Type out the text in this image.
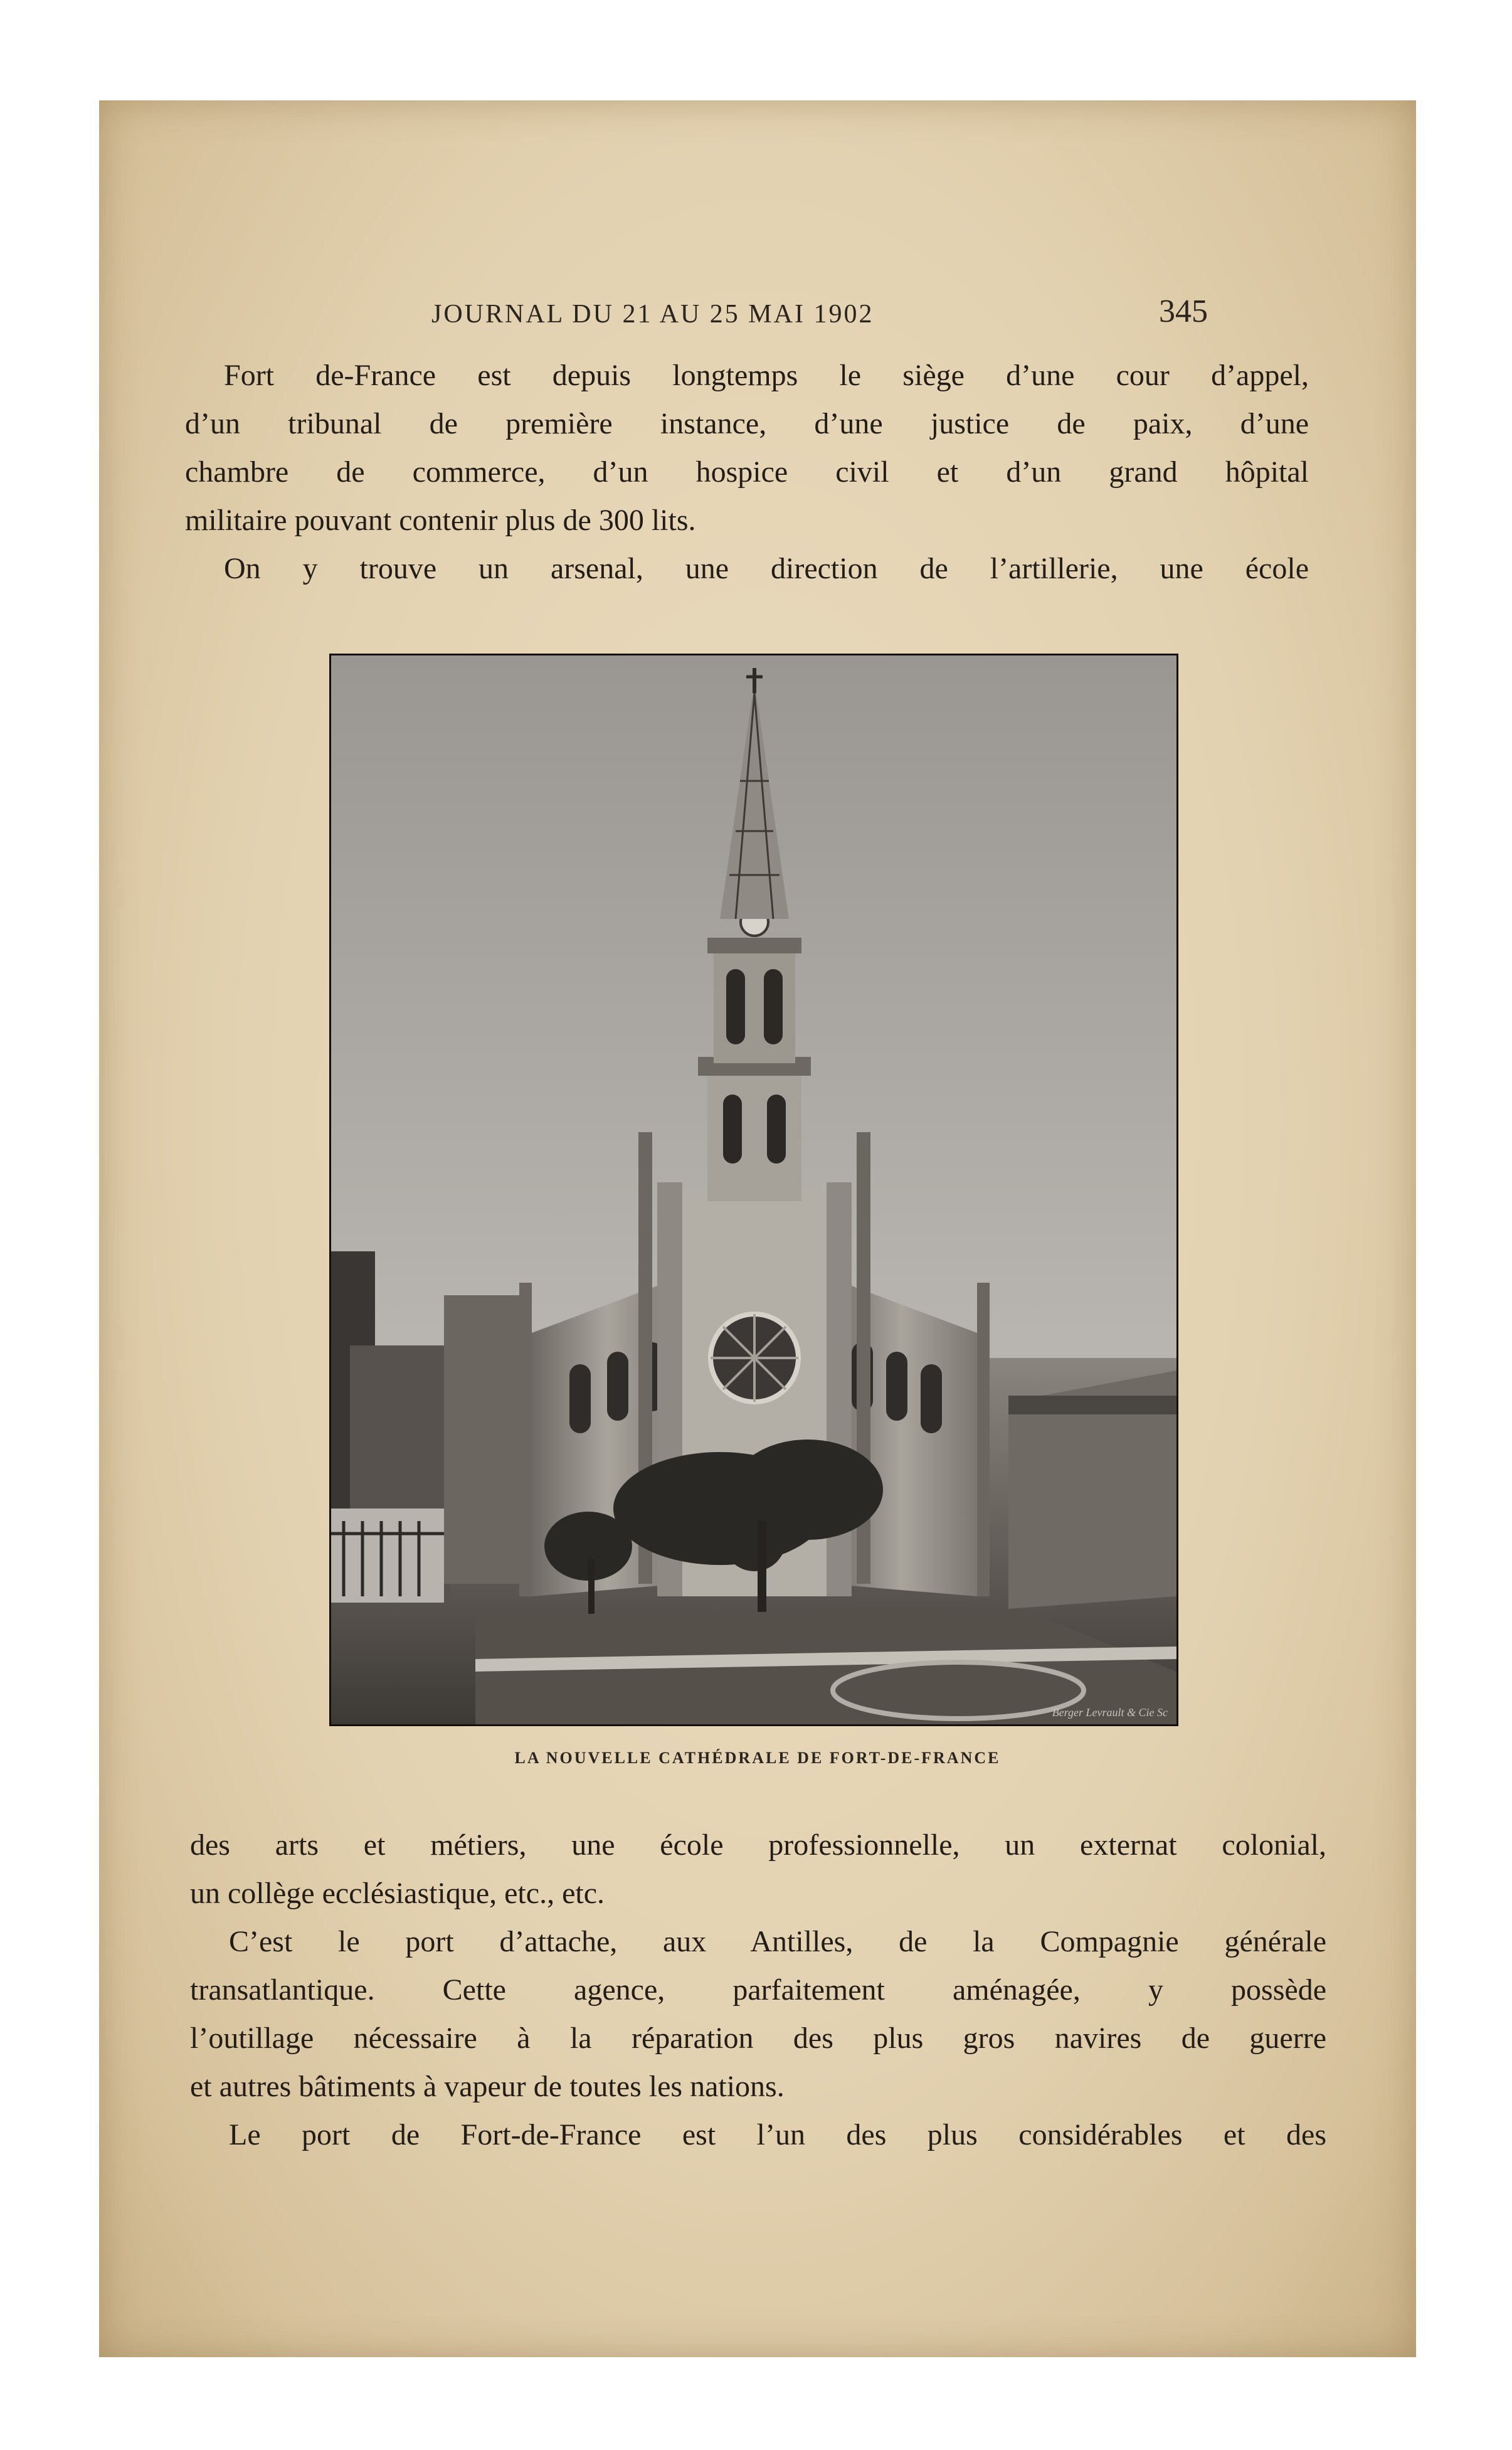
JOURNAL DU 21 AU 25 MAI 1902	345

Fort de-France est depuis longtemps le siège d’une cour d’appel,

d’un tribunal de première instance, d’une justice de paix, d’une

chambre de commerce, d’un hospice civil et d’un grand hôpital

militaire pouvant contenir plus de 300 lits.

On y trouve un arsenal, une direction de l’artillerie, une école

Berger Levrault & Cie Sc
LA NOUVELLE CATHÉDRALE DE FORT-DE-FRANCE

des arts et métiers, une école professionnelle, un externat colonial,

un collège ecclésiastique, etc., etc.

C’est le port d’attache, aux Antilles, de la Compagnie générale

transatlantique. Cette agence, parfaitement aménagée, y possède

l’outillage nécessaire à la réparation des plus gros navires de guerre

et autres bâtiments à vapeur de toutes les nations.

Le port de Fort-de-France est l’un des plus considérables et des
